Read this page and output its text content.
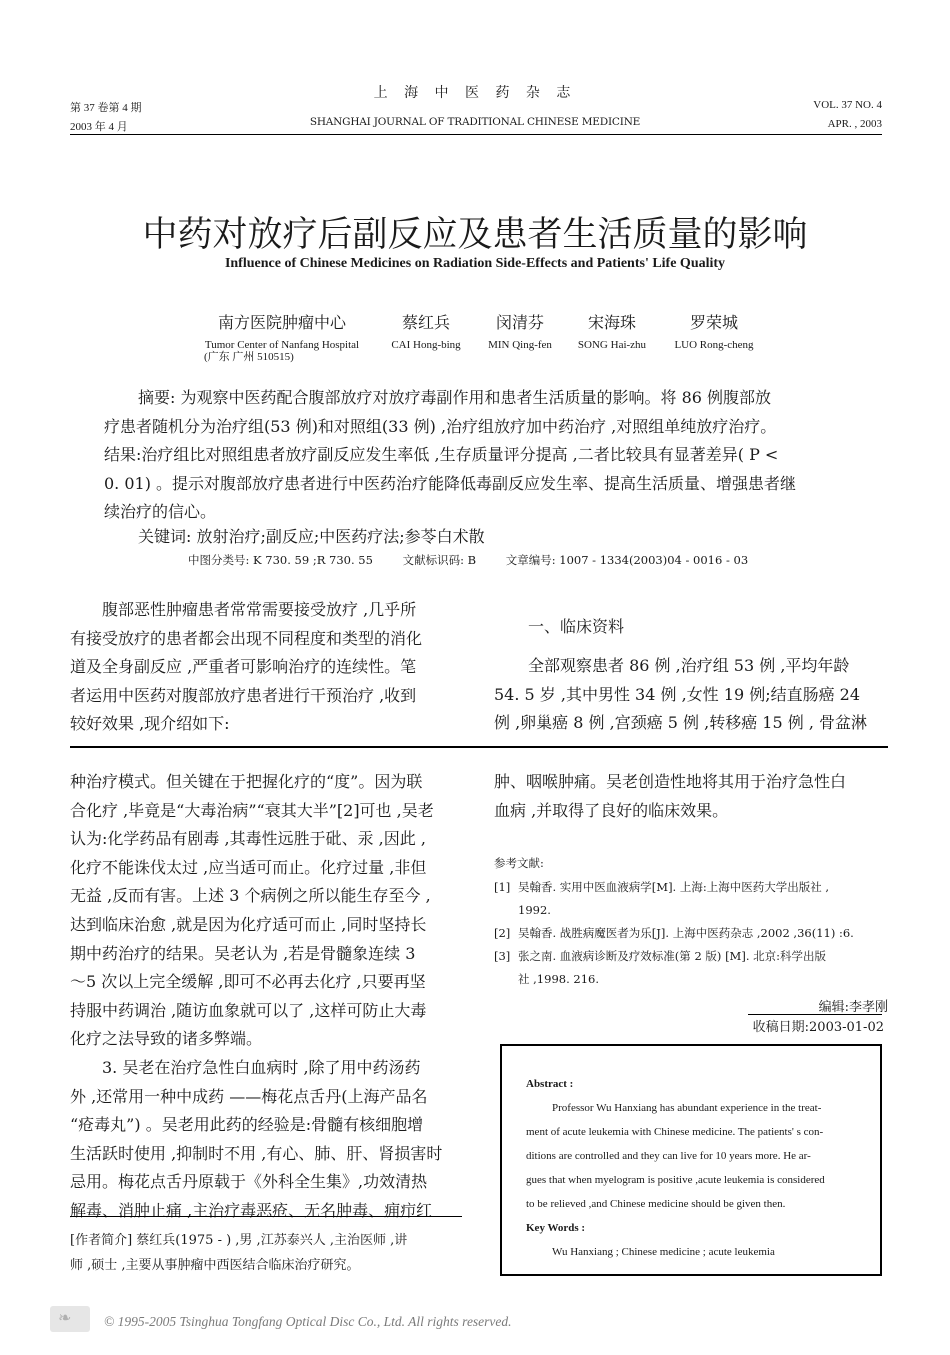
第 37 卷第 4 期
2003 年 4 月
上 海 中 医 药 杂 志
SHANGHAI JOURNAL OF TRADITIONAL CHINESE MEDICINE
VOL. 37 NO. 4
APR. , 2003
中药对放疗后副反应及患者生活质量的影响
Influence of Chinese Medicines on Radiation Side-Effects and Patients' Life Quality
南方医院肿瘤中心
Tumor Center of Nanfang Hospital
(广东 广州 510515)
蔡红兵
CAI Hong-bing
闵清芬
MIN Qing-fen
宋海珠
SONG Hai-zhu
罗荣城
LUO Rong-cheng
摘要: 为观察中医药配合腹部放疗对放疗毒副作用和患者生活质量的影响。将 86 例腹部放
疗患者随机分为治疗组(53 例)和对照组(33 例) ,治疗组放疗加中药治疗 ,对照组单纯放疗治疗。
结果:治疗组比对照组患者放疗副反应发生率低 ,生存质量评分提高 ,二者比较具有显著差异( P <
0. 01) 。提示对腹部放疗患者进行中医药治疗能降低毒副反应发生率、提高生活质量、增强患者继
续治疗的信心。
关键词: 放射治疗;副反应;中医药疗法;参苓白术散
中图分类号: K 730. 59 ;R 730. 55	文献标识码: B	文章编号: 1007 - 1334(2003)04 - 0016 - 03
腹部恶性肿瘤患者常常需要接受放疗 ,几乎所
有接受放疗的患者都会出现不同程度和类型的消化
道及全身副反应 ,严重者可影响治疗的连续性。笔
者运用中医药对腹部放疗患者进行干预治疗 ,收到
较好效果 ,现介绍如下:
一、临床资料
全部观察患者 86 例 ,治疗组 53 例 ,平均年龄
54. 5 岁 ,其中男性 34 例 ,女性 19 例;结直肠癌 24
例 ,卵巢癌 8 例 ,宫颈癌 5 例 ,转移癌 15 例 , 骨盆淋
种治疗模式。但关键在于把握化疗的“度”。因为联
合化疗 ,毕竟是“大毒治病”“衰其大半”[2]可也 ,吴老
认为:化学药品有剧毒 ,其毒性远胜于砒、汞 ,因此 ,
化疗不能诛伐太过 ,应当适可而止。化疗过量 ,非但
无益 ,反而有害。上述 3 个病例之所以能生存至今 ,
达到临床治愈 ,就是因为化疗适可而止 ,同时坚持长
期中药治疗的结果。吴老认为 ,若是骨髓象连续 3
～5 次以上完全缓解 ,即可不必再去化疗 ,只要再坚
持服中药调治 ,随访血象就可以了 ,这样可防止大毒
化疗之法导致的诸多弊端。
3. 吴老在治疗急性白血病时 ,除了用中药汤药
外 ,还常用一种中成药 ——梅花点舌丹(上海产品名
“疮毒丸”) 。吴老用此药的经验是:骨髓有核细胞增
生活跃时使用 ,抑制时不用 ,有心、肺、肝、肾损害时
忌用。梅花点舌丹原载于《外科全生集》,功效清热
解毒、消肿止痛 ,主治疗毒恶疮、无名肿毒、痈疖红
[作者简介] 蔡红兵(1975 - ) ,男 ,江苏泰兴人 ,主治医师 ,讲
师 ,硕士 ,主要从事肿瘤中西医结合临床治疗研究。
肿、咽喉肿痛。吴老创造性地将其用于治疗急性白
血病 ,并取得了良好的临床效果。
参考文献:
[1] 吴翰香. 实用中医血液病学[M]. 上海:上海中医药大学出版社 ,
1992.
[2] 吴翰香. 战胜病魔医者为乐[J]. 上海中医药杂志 ,2002 ,36(11) :6.
[3] 张之南. 血液病诊断及疗效标准(第 2 版) [M]. 北京:科学出版
社 ,1998. 216.
编辑:李孝刚
收稿日期:2003-01-02
Abstract :
Professor Wu Hanxiang has abundant experience in the treat-
ment of acute leukemia with Chinese medicine. The patients' s con-
ditions are controlled and they can live for 10 years more. He ar-
gues that when myelogram is positive ,acute leukemia is considered
to be relieved ,and Chinese medicine should be given then.
Key Words :
Wu Hanxiang ; Chinese medicine ; acute leukemia
❧ © 1995-2005 Tsinghua Tongfang Optical Disc Co., Ltd. All rights reserved.
